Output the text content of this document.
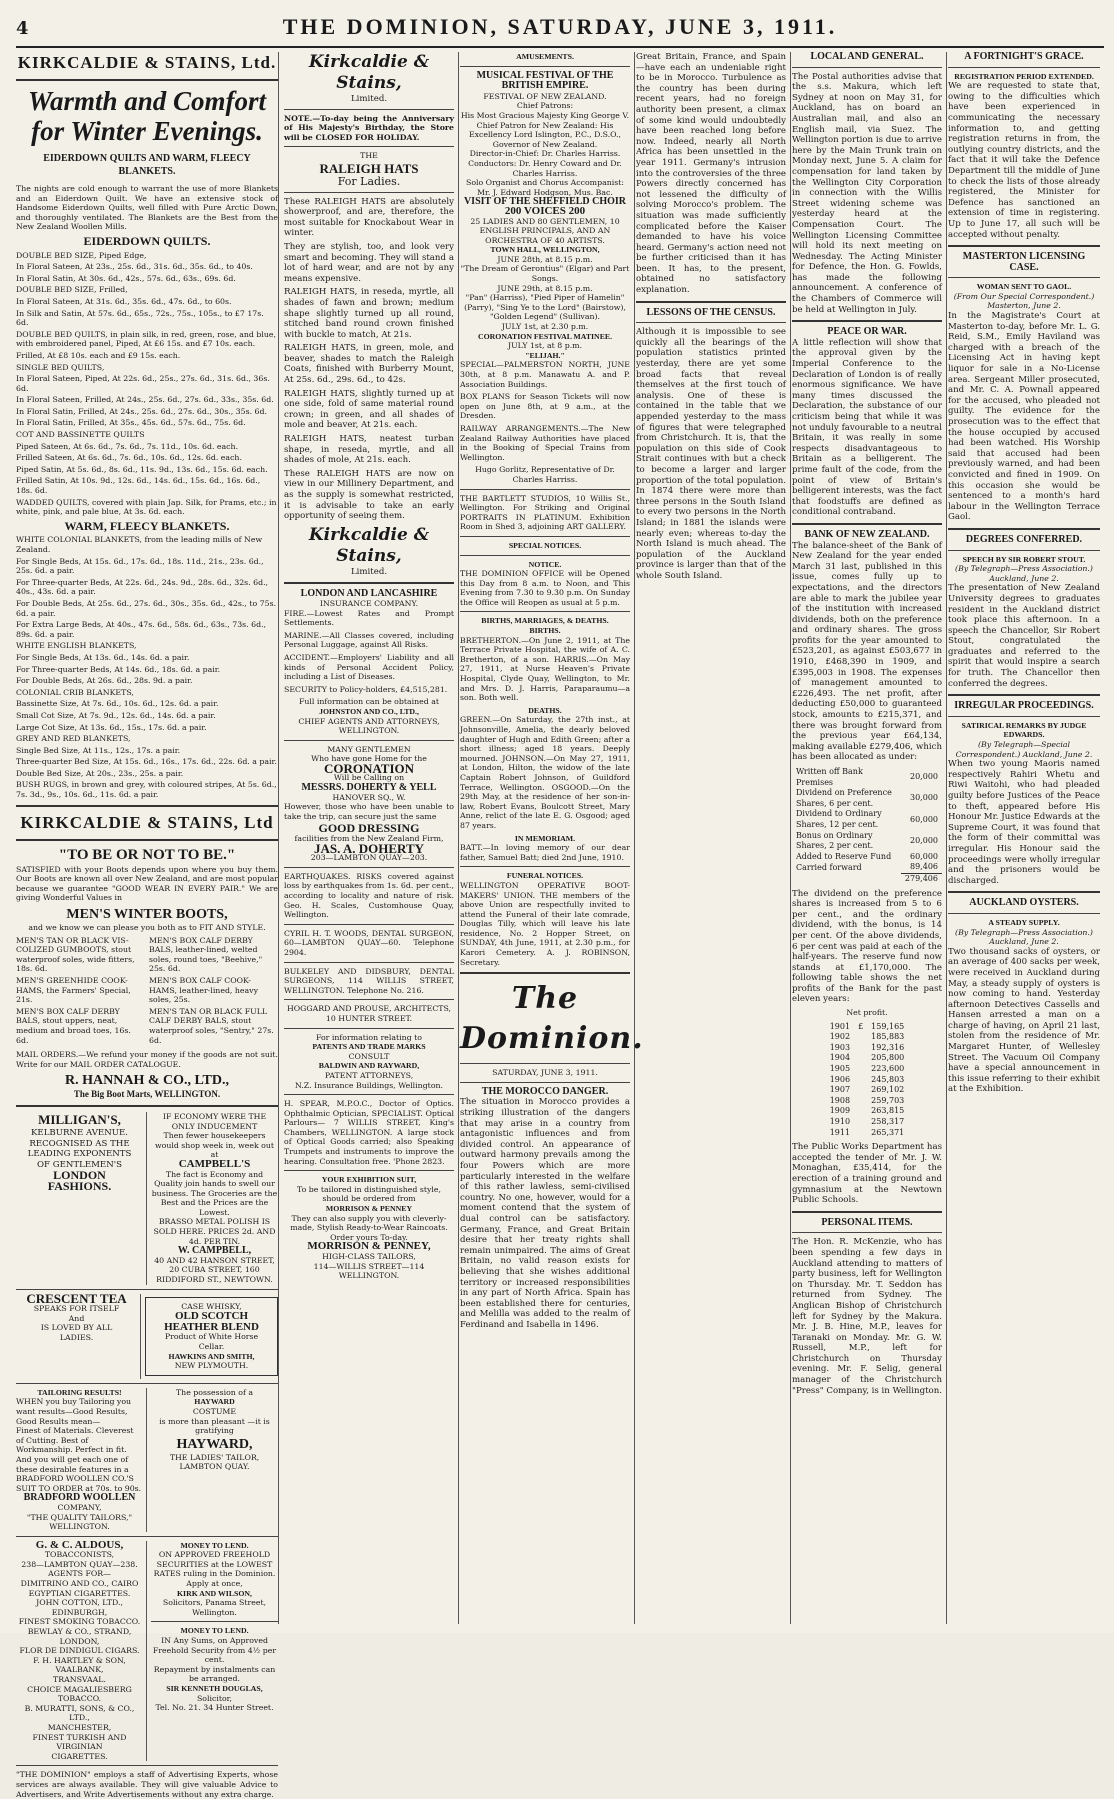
4	THE DOMINION, SATURDAY, JUNE 3, 1911.
KIRKCALDIE & STAINS, Ltd.
Warmth and Comfort for Winter Evenings.
EIDERDOWN QUILTS AND WARM, FLEECY BLANKETS.

The nights are cold enough to warrant the use of more Blankets and an Eiderdown Quilt. We have an extensive stock of Handsome Eiderdown Quilts, well filled with Pure Arctic Down, and thoroughly ventilated. The Blankets are the Best from the New Zealand Woollen Mills.

EIDERDOWN QUILTS.
DOUBLE BED SIZE, Piped Edge,
In Floral Sateen, At 23s., 25s. 6d., 31s. 6d., 35s. 6d., to 40s.
In Floral Satin, At 30s. 6d., 42s., 57s. 6d., 63s., 69s. 6d.
DOUBLE BED SIZE, Frilled,
In Floral Sateen, At 31s. 6d., 35s. 6d., 47s. 6d., to 60s.
In Silk and Satin, At 57s. 6d., 65s., 72s., 75s., 105s., to £7 17s. 6d.
DOUBLE BED QUILTS, in plain silk, in red, green, rose, and blue, with embroidered panel, Piped, At £6 15s. and £7 10s. each.
Frilled, At £8 10s. each and £9 15s. each.
SINGLE BED QUILTS,
In Floral Sateen, Piped, At 22s. 6d., 25s., 27s. 6d., 31s. 6d., 36s. 6d.
In Floral Sateen, Frilled, At 24s., 25s. 6d., 27s. 6d., 33s., 35s. 6d.
In Floral Satin, Frilled, At 24s., 25s. 6d., 27s. 6d., 30s., 35s. 6d.
In Floral Satin, Frilled, At 35s., 45s. 6d., 57s. 6d., 75s. 6d.
COT AND BASSINETTE QUILTS
Piped Sateen, At 6s. 6d., 7s. 6d., 7s. 11d., 10s. 6d. each.
Frilled Sateen, At 6s. 6d., 7s. 6d., 10s. 6d., 12s. 6d. each.
Piped Satin, At 5s. 6d., 8s. 6d., 11s. 9d., 13s. 6d., 15s. 6d. each.
Frilled Satin, At 10s. 9d., 12s. 6d., 14s. 6d., 15s. 6d., 16s. 6d., 18s. 6d.
WADDED QUILTS, covered with plain Jap. Silk, for Prams, etc.; in white, pink, and pale blue, At 3s. 6d. each.
WARM, FLEECY BLANKETS.
WHITE COLONIAL BLANKETS, from the leading mills of New Zealand.
For Single Beds, At 15s. 6d., 17s. 6d., 18s. 11d., 21s., 23s. 6d., 25s. 6d. a pair.
For Three-quarter Beds, At 22s. 6d., 24s. 9d., 28s. 6d., 32s. 6d., 40s., 43s. 6d. a pair.
For Double Beds, At 25s. 6d., 27s. 6d., 30s., 35s. 6d., 42s., to 75s. 6d. a pair.
For Extra Large Beds, At 40s., 47s. 6d., 58s. 6d., 63s., 73s. 6d., 89s. 6d. a pair.
WHITE ENGLISH BLANKETS,
For Single Beds, At 13s. 6d., 14s. 6d. a pair.
For Three-quarter Beds, At 14s. 6d., 18s. 6d. a pair.
For Double Beds, At 26s. 6d., 28s. 9d. a pair.
COLONIAL CRIB BLANKETS,
Bassinette Size, At 7s. 6d., 10s. 6d., 12s. 6d. a pair.
Small Cot Size, At 7s. 9d., 12s. 6d., 14s. 6d. a pair.
Large Cot Size, At 13s. 6d., 15s., 17s. 6d. a pair.
GREY AND RED BLANKETS,
Single Bed Size, At 11s., 12s., 17s. a pair.
Three-quarter Bed Size, At 15s. 6d., 16s., 17s. 6d., 22s. 6d. a pair.
Double Bed Size, At 20s., 23s., 25s. a pair.
BUSH RUGS, in brown and grey, with coloured stripes, At 5s. 6d., 7s. 3d., 9s., 10s. 6d., 11s. 6d. a pair.
KIRKCALDIE & STAINS, Ltd
"TO BE OR NOT TO BE."

SATISFIED with your Boots depends upon where you buy them. Our Boots are known all over New Zealand, and are most popular because we guarantee "GOOD WEAR IN EVERY PAIR." We are giving Wonderful Values in

MEN'S WINTER BOOTS,
and we know we can please you both as to FIT AND STYLE.
MEN'S TAN OR BLACK VIS-COLIZED GUMBOOTS, stout waterproof soles, wide fitters, 18s. 6d.
MEN'S GREENHIDE COOK-HAMS, the Farmers' Special, 21s.
MEN'S BOX CALF DERBY BALS, stout uppers, neat, medium and broad toes, 16s. 6d.
MEN'S BOX CALF DERBY BALS, leather-lined, welted soles, round toes, "Beehive," 25s. 6d.
MEN'S BOX CALF COOK-HAMS, leather-lined, heavy soles, 25s.
MEN'S TAN OR BLACK FULL CALF DERBY BALS, stout waterproof soles, "Sentry," 27s. 6d.

MAIL ORDERS.—We refund your money if the goods are not suit. Write for our MAIL ORDER CATALOGUE.

R. HANNAH & CO., LTD.,
The Big Boot Marts, WELLINGTON.
MILLIGAN'S,
KELBURNE AVENUE.
RECOGNISED AS THE
LEADING EXPONENTS
OF GENTLEMEN'S
LONDON
FASHIONS.
IF ECONOMY WERE THE ONLY INDUCEMENT
Then fewer housekeepers would shop week in, week out at
CAMPBELL'S
The fact is Economy and Quality join hands to swell our business. The Groceries are the Best and the Prices are the Lowest.
BRASSO METAL POLISH IS SOLD HERE. PRICES 2d. AND 4d. PER TIN.
W. CAMPBELL,
40 AND 42 HANSON STREET, 20 CUBA STREET, 160 RIDDIFORD ST., NEWTOWN.
CRESCENT TEA
SPEAKS FOR ITSELF
And
IS LOVED BY ALL
LADIES.
CASE WHISKY,
OLD SCOTCH
HEATHER BLEND
Product of White Horse Cellar.
HAWKINS AND SMITH,
NEW PLYMOUTH.
TAILORING RESULTS!
WHEN you buy Tailoring you want results—Good Results, Good Results mean—
Finest of Materials. Cleverest of Cutting. Best of Workmanship. Perfect in fit.
And you will get each one of these desirable features in a BRADFORD WOOLLEN CO.'S SUIT TO ORDER at 70s. to 90s.
BRADFORD WOOLLEN
COMPANY,
"THE QUALITY TAILORS,"
WELLINGTON.
The possession of a
HAYWARD
COSTUME
is more than pleasant —it is gratifying
HAYWARD,
THE LADIES' TAILOR,
LAMBTON QUAY.
G. & C. ALDOUS,
TOBACCONISTS,
238—LAMBTON QUAY—238.
AGENTS FOR—
DIMITRINO AND CO., CAIRO
EGYPTIAN CIGARETTES.
JOHN COTTON, LTD., EDINBURGH,
FINEST SMOKING TOBACCO.
BEWLAY & CO., STRAND, LONDON,
FLOR DE DINDIGUL CIGARS.
F. H. HARTLEY & SON, VAALBANK,
TRANSVAAL.
CHOICE MAGALIESBERG TOBACCO.
B. MURATTI, SONS, & CO., LTD.,
MANCHESTER,
FINEST TURKISH AND VIRGINIAN
CIGARETTES.
MONEY TO LEND.
ON APPROVED FREEHOLD SECURITIES at the LOWEST RATES ruling in the Dominion. Apply at once,
KIRK AND WILSON,
Solicitors, Panama Street, Wellington.
MONEY TO LEND.
IN Any Sums, on Approved Freehold Security from 4½ per cent.
Repayment by instalments can be arranged.
SIR KENNETH DOUGLAS,
Solicitor,
Tel. No. 21. 34 Hunter Street.

"THE DOMINION" employs a staff of Advertising Experts, whose services are always available. They will give valuable Advice to Advertisers, and Write Advertisements without any extra charge.

Kirkcaldie & Stains,
Limited.

NOTE.—To-day being the Anniversary of His Majesty's Birthday, the Store will be CLOSED FOR HOLIDAY.

THE
RALEIGH HATS
For Ladies.

These RALEIGH HATS are absolutely showerproof, and are, therefore, the most suitable for Knockabout Wear in winter.

They are stylish, too, and look very smart and becoming. They will stand a lot of hard wear, and are not by any means expensive.

RALEIGH HATS, in reseda, myrtle, all shades of fawn and brown; medium shape slightly turned up all round, stitched band round crown finished with buckle to match, At 21s.

RALEIGH HATS, in green, mole, and beaver, shades to match the Raleigh Coats, finished with Burberry Mount, At 25s. 6d., 29s. 6d., to 42s.

RALEIGH HATS, slightly turned up at one side, fold of same material round crown; in green, and all shades of mole and beaver, At 21s. each.

RALEIGH HATS, neatest turban shape, in reseda, myrtle, and all shades of mole, At 21s. each.

These RALEIGH HATS are now on view in our Millinery Department, and as the supply is somewhat restricted, it is advisable to take an early opportunity of seeing them.

Kirkcaldie & Stains,
Limited.
LONDON AND LANCASHIRE
INSURANCE COMPANY.

FIRE.—Lowest Rates and Prompt Settlements.

MARINE.—All Classes covered, including Personal Luggage, against All Risks.

ACCIDENT.—Employers' Liability and all kinds of Personal Accident Policy, including a List of Diseases.

SECURITY to Policy-holders, £4,515,281.

Full information can be obtained at
JOHNSTON AND CO., LTD.,
CHIEF AGENTS AND ATTORNEYS, WELLINGTON.
MANY GENTLEMEN
Who have gone Home for the
CORONATION
Will be Calling on
MESSRS. DOHERTY & YELL
HANOVER SQ., W.

However, those who have been unable to take the trip, can secure just the same

GOOD DRESSING
facilities from the New Zealand Firm,
JAS. A. DOHERTY
203—LAMBTON QUAY—203.

EARTHQUAKES. RISKS covered against loss by earthquakes from 1s. 6d. per cent., according to locality and nature of risk. Geo. H. Scales, Customhouse Quay, Wellington.

CYRIL H. T. WOODS, DENTAL SURGEON, 60—LAMBTON QUAY—60. Telephone 2904.

BULKELEY AND DIDSBURY, DENTAL SURGEONS, 114 WILLIS STREET, WELLINGTON. Telephone No. 216.

HOGGARD AND PROUSE, ARCHITECTS, 10 HUNTER STREET.

For information relating to
PATENTS AND TRADE MARKS
CONSULT
BALDWIN AND RAYWARD,
PATENT ATTORNEYS,
N.Z. Insurance Buildings, Wellington.

H. SPEAR, M.P.O.C., Doctor of Optics. Ophthalmic Optician, SPECIALIST. Optical Parlours— 7 WILLIS STREET, King's Chambers, WELLINGTON. A large stock of Optical Goods carried; also Speaking Trumpets and instruments to improve the hearing. Consultation free. 'Phone 2823.

YOUR EXHIBITION SUIT,
To be tailored in distinguished style, should be ordered from
MORRISON & PENNEY
They can also supply you with cleverly-made, Stylish Ready-to-Wear Raincoats. Order yours To-day.
MORRISON & PENNEY,
HIGH-CLASS TAILORS,
114—WILLIS STREET—114
WELLINGTON.
AMUSEMENTS.
MUSICAL FESTIVAL OF THE BRITISH EMPIRE.
FESTIVAL OF NEW ZEALAND.
Chief Patrons:
His Most Gracious Majesty King George V.
Chief Patron for New Zealand: His Excellency Lord Islington, P.C., D.S.O., Governor of New Zealand.
Director-in-Chief: Dr. Charles Harriss.
Conductors: Dr. Henry Coward and Dr. Charles Harriss.
Solo Organist and Chorus Accompanist: Mr. J. Edward Hodgson, Mus. Bac.
VISIT OF THE SHEFFIELD CHOIR
200 VOICES 200
25 LADIES AND 80 GENTLEMEN, 10 ENGLISH PRINCIPALS, AND AN ORCHESTRA OF 40 ARTISTS.
TOWN HALL, WELLINGTON,
JUNE 28th, at 8.15 p.m.
"The Dream of Gerontius" (Elgar) and Part Songs.
JUNE 29th, at 8.15 p.m.
"Pan" (Harriss), "Pied Piper of Hamelin" (Parry), "Sing Ye to the Lord" (Bairstow), "Golden Legend" (Sullivan).
JULY 1st, at 2.30 p.m.
CORONATION FESTIVAL MATINEE.
JULY 1st, at 8 p.m.
"ELIJAH."

SPECIAL—PALMERSTON NORTH, JUNE 30th, at 8 p.m. Manawatu A. and P. Association Buildings.

BOX PLANS for Season Tickets will now open on June 8th, at 9 a.m., at the Dresden.

RAILWAY ARRANGEMENTS.—The New Zealand Railway Authorities have placed in the Booking of Special Trains from Wellington.

Hugo Gorlitz, Representative of Dr. Charles Harriss.

THE BARTLETT STUDIOS, 10 Willis St., Wellington. For Striking and Original PORTRAITS IN PLATINUM. Exhibition Room in Shed 3, adjoining ART GALLERY.

SPECIAL NOTICES.
NOTICE.

THE DOMINION OFFICE will be Opened this Day from 8 a.m. to Noon, and This Evening from 7.30 to 9.30 p.m. On Sunday the Office will Reopen as usual at 5 p.m.

BIRTHS, MARRIAGES, & DEATHS.
BIRTHS.

BRETHERTON.—On June 2, 1911, at The Terrace Private Hospital, the wife of A. C. Bretherton, of a son. HARRIS.—On May 27, 1911, at Nurse Heaven's Private Hospital, Clyde Quay, Wellington, to Mr. and Mrs. D. J. Harris, Paraparaumu—a son. Both well.

DEATHS.

GREEN.—On Saturday, the 27th inst., at Johnsonville, Amelia, the dearly beloved daughter of Hugh and Edith Green; after a short illness; aged 18 years. Deeply mourned. JOHNSON.—On May 27, 1911, at London, Hilton, the widow of the late Captain Robert Johnson, of Guildford Terrace, Wellington. OSGOOD.—On the 29th May, at the residence of her son-in-law, Robert Evans, Boulcott Street, Mary Anne, relict of the late E. G. Osgood; aged 87 years.

IN MEMORIAM.

BATT.—In loving memory of our dear father, Samuel Batt; died 2nd June, 1910.

FUNERAL NOTICES.

WELLINGTON OPERATIVE BOOT-MAKERS' UNION. THE members of the above Union are respectfully invited to attend the Funeral of their late comrade, Douglas Tilly, which will leave his late residence, No. 2 Hopper Street, on SUNDAY, 4th June, 1911, at 2.30 p.m., for Karori Cemetery. A. J. ROBINSON, Secretary.

The Dominion.
SATURDAY, JUNE 3, 1911.
THE MOROCCO DANGER.

The situation in Morocco provides a striking illustration of the dangers that may arise in a country from antagonistic influences and from divided control. An appearance of outward harmony prevails among the four Powers which are more particularly interested in the welfare of this rather lawless, semi-civilised country. No one, however, would for a moment contend that the system of dual control can be satisfactory. Germany, France, and Great Britain desire that her treaty rights shall remain unimpaired. The aims of Great Britain, no valid reason exists for believing that she wishes additional territory or increased responsibilities in any part of North Africa. Spain has been established there for centuries, and Melilla was added to the realm of Ferdinand and Isabella in 1496.

Great Britain, France, and Spain—have each an undeniable right to be in Morocco. Turbulence as the country has been during recent years, had no foreign authority been present, a climax of some kind would undoubtedly have been reached long before now. Indeed, nearly all North Africa has been unsettled in the year 1911. Germany's intrusion into the controversies of the three Powers directly concerned has not lessened the difficulty of solving Morocco's problem. The situation was made sufficiently complicated before the Kaiser demanded to have his voice heard. Germany's action need not be further criticised than it has been. It has, to the present, obtained no satisfactory explanation.

LESSONS OF THE CENSUS.

Although it is impossible to see quickly all the bearings of the population statistics printed yesterday, there are yet some broad facts that reveal themselves at the first touch of analysis. One of these is contained in the table that we appended yesterday to the mass of figures that were telegraphed from Christchurch. It is, that the population on this side of Cook Strait continues with but a check to become a larger and larger proportion of the total population. In 1874 there were more than three persons in the South Island to every two persons in the North Island; in 1881 the islands were nearly even; whereas to-day the North Island is much ahead. The population of the Auckland province is larger than that of the whole South Island.

LOCAL AND GENERAL.

The Postal authorities advise that the s.s. Makura, which left Sydney at noon on May 31, for Auckland, has on board an Australian mail, and also an English mail, via Suez. The Wellington portion is due to arrive here by the Main Trunk train on Monday next, June 5. A claim for compensation for land taken by the Wellington City Corporation in connection with the Willis Street widening scheme was yesterday heard at the Compensation Court. The Wellington Licensing Committee will hold its next meeting on Wednesday. The Acting Minister for Defence, the Hon. G. Fowlds, has made the following announcement. A conference of the Chambers of Commerce will be held at Wellington in July.

PEACE OR WAR.

A little reflection will show that the approval given by the Imperial Conference to the Declaration of London is of really enormous significance. We have many times discussed the Declaration, the substance of our criticism being that while it was not unduly favourable to a neutral Britain, it was really in some respects disadvantageous to Britain as a belligerent. The prime fault of the code, from the point of view of Britain's belligerent interests, was the fact that foodstuffs are defined as conditional contraband.

BANK OF NEW ZEALAND.

The balance-sheet of the Bank of New Zealand for the year ended March 31 last, published in this issue, comes fully up to expectations, and the directors are able to mark the jubilee year of the institution with increased dividends, both on the preference and ordinary shares. The gross profits for the year amounted to £523,201, as against £503,677 in 1910, £468,390 in 1909, and £395,003 in 1908. The expenses of management amounted to £226,493. The net profit, after deducting £50,000 to guaranteed stock, amounts to £215,371, and there was brought forward from the previous year £64,134, making available £279,406, which has been allocated as under:

Written off Bank Premises	20,000
Dividend on Preference Shares, 6 per cent.	30,000
Dividend to Ordinary Shares, 12 per cent.	60,000
Bonus on Ordinary Shares, 2 per cent.	20,000
Added to Reserve Fund	60,000
Carried forward	89,406
	279,406

The dividend on the preference shares is increased from 5 to 6 per cent., and the ordinary dividend, with the bonus, is 14 per cent. Of the above dividends, 6 per cent was paid at each of the half-years. The reserve fund now stands at £1,170,000. The following table shows the net profits of the Bank for the past eleven years:

Net profit.
1901	£	159,165
1902		185,883
1903		192,316
1904		205,800
1905		223,600
1906		245,803
1907		269,102
1908		259,703
1909		263,815
1910		258,317
1911		265,371

The Public Works Department has accepted the tender of Mr. J. W. Monaghan, £35,414, for the erection of a training ground and gymnasium at the Newtown Public Schools.

PERSONAL ITEMS.

The Hon. R. McKenzie, who has been spending a few days in Auckland attending to matters of party business, left for Wellington on Thursday. Mr. T. Seddon has returned from Sydney. The Anglican Bishop of Christchurch left for Sydney by the Makura. Mr. J. B. Hine, M.P., leaves for Taranaki on Monday. Mr. G. W. Russell, M.P., left for Christchurch on Thursday evening. Mr. F. Selig, general manager of the Christchurch "Press" Company, is in Wellington.

A FORTNIGHT'S GRACE.
REGISTRATION PERIOD EXTENDED.

We are requested to state that, owing to the difficulties which have been experienced in communicating the necessary information to, and getting registration returns in from, the outlying country districts, and the fact that it will take the Defence Department till the middle of June to check the lists of those already registered, the Minister for Defence has sanctioned an extension of time in registering. Up to June 17, all such will be accepted without penalty.

MASTERTON LICENSING CASE.
WOMAN SENT TO GAOL.
(From Our Special Correspondent.) Masterton, June 2.

In the Magistrate's Court at Masterton to-day, before Mr. L. G. Reid, S.M., Emily Haviland was charged with a breach of the Licensing Act in having kept liquor for sale in a No-License area. Sergeant Miller prosecuted, and Mr. C. A. Pownall appeared for the accused, who pleaded not guilty. The evidence for the prosecution was to the effect that the house occupied by accused had been watched. His Worship said that accused had been previously warned, and had been convicted and fined in 1909. On this occasion she would be sentenced to a month's hard labour in the Wellington Terrace Gaol.

DEGREES CONFERRED.
SPEECH BY SIR ROBERT STOUT.
(By Telegraph—Press Association.) Auckland, June 2.

The presentation of New Zealand University degrees to graduates resident in the Auckland district took place this afternoon. In a speech the Chancellor, Sir Robert Stout, congratulated the graduates and referred to the spirit that would inspire a search for truth. The Chancellor then conferred the degrees.

IRREGULAR PROCEEDINGS.
SATIRICAL REMARKS BY JUDGE EDWARDS.
(By Telegraph—Special Correspondent.) Auckland, June 2.

When two young Maoris named respectively Rahiri Whetu and Riwi Waitohi, who had pleaded guilty before Justices of the Peace to theft, appeared before His Honour Mr. Justice Edwards at the Supreme Court, it was found that the form of their committal was irregular. His Honour said the proceedings were wholly irregular and the prisoners would be discharged.

AUCKLAND OYSTERS.
A STEADY SUPPLY.
(By Telegraph—Press Association.) Auckland, June 2.

Two thousand sacks of oysters, or an average of 400 sacks per week, were received in Auckland during May, a steady supply of oysters is now coming to hand. Yesterday afternoon Detectives Cassells and Hansen arrested a man on a charge of having, on April 21 last, stolen from the residence of Mr. Margaret Hunter, of Wellesley Street. The Vacuum Oil Company have a special announcement in this issue referring to their exhibit at the Exhibition.
